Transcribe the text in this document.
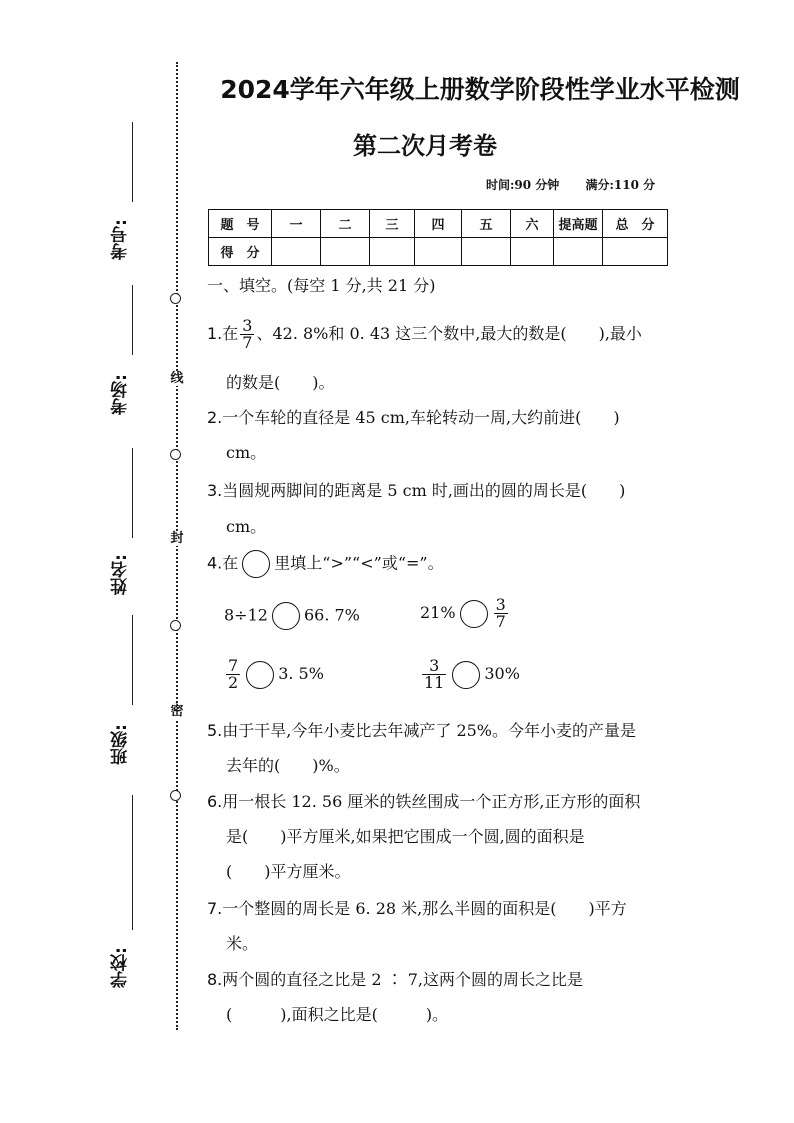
线
封
密
考号:
考场:
姓名:
班级:
学校:
2024学年六年级上册数学阶段性学业水平检测
第二次月考卷
时间:90 分钟 满分:110 分
题　号	一	二	三	四	五	六	提高题	总　分
得　分								
一、填空。(每空 1 分,共 21 分)
1.在 $\frac{3}{7}$ 、42. 8%和 0. 43 这三个数中,最大的数是(　　),最小
的数是(　　)。
2.一个车轮的直径是 45 cm,车轮转动一周,大约前进(　　)
cm。
3.当圆规两脚间的距离是 5 cm 时,画出的圆的周长是(　　)
cm。
4.在 里填上“>”“<”或“=”。
8÷12 66. 7%	$21\% \frac{3}{7}$
$\frac{7}{2} 3$. 5%	$\frac{3}{11} 30\%$
5.由于干旱,今年小麦比去年减产了 25%。今年小麦的产量是
去年的(　　)%。
6.用一根长 12. 56 厘米的铁丝围成一个正方形,正方形的面积
是(　　)平方厘米,如果把它围成一个圆,圆的面积是
(　　)平方厘米。
7.一个整圆的周长是 6. 28 米,那么半圆的面积是(　　)平方
米。
8.两个圆的直径之比是 2 ∶ 7,这两个圆的周长之比是
(　　　),面积之比是(　　　)。
